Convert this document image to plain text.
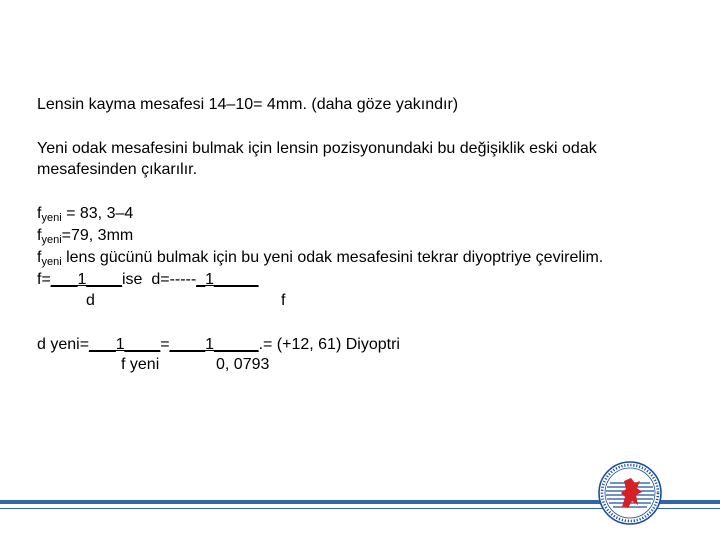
Lensin kayma mesafesi 14–10= 4mm. (daha göze yakındır)
Yeni odak mesafesini bulmak için lensin pozisyonundaki bu değişiklik eski odak
mesafesinden çıkarılır.
$f_{yeni} = 83$, 3–4
$f_{yeni}=79$, 3mm
$f_{yeni}$ lens gücünü bulmak için bu yeni odak mesafesini tekrar diyoptriye çevirelim.
f=___1____ise  d=-----_1_____
d	f
d yeni=___1____=____1_____.= (+12, 61) Diyoptri
f yeni	0, 0793
